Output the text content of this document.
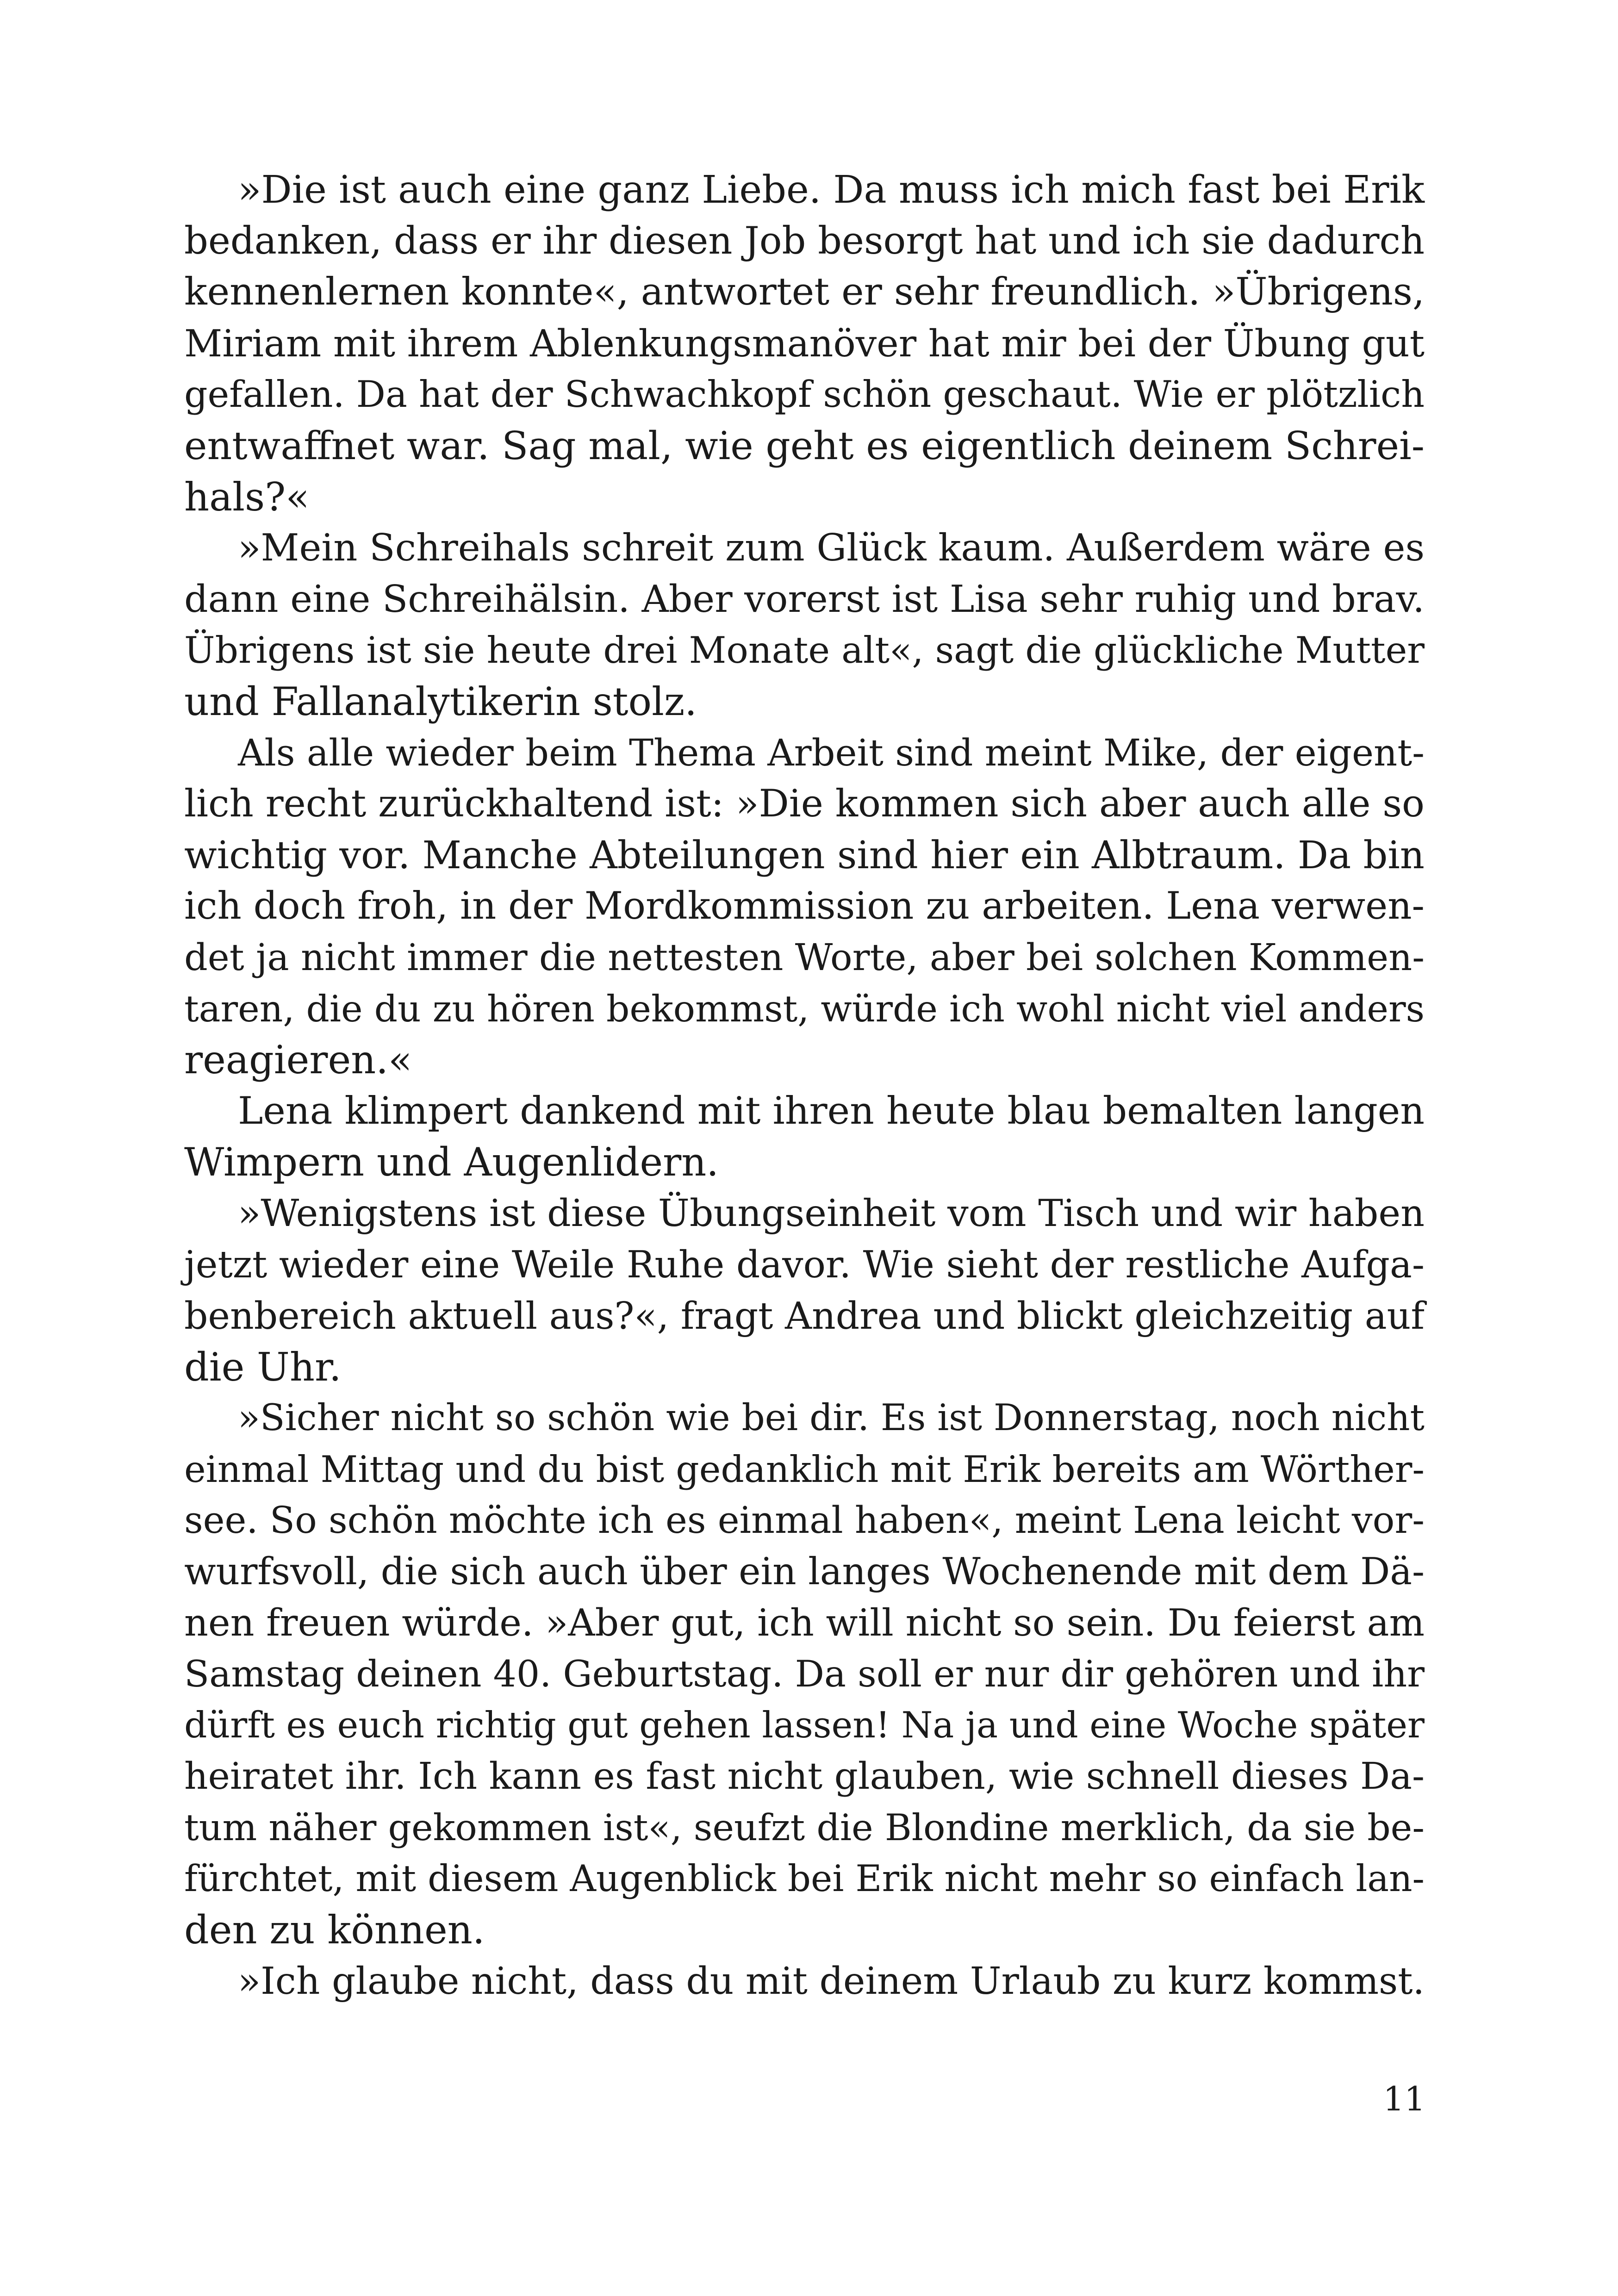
»Die ist auch eine ganz Liebe. Da muss ich mich fast bei Erik
bedanken, dass er ihr diesen Job besorgt hat und ich sie dadurch
kennenlernen konnte«, antwortet er sehr freundlich. »Übrigens,
Miriam mit ihrem Ablenkungsmanöver hat mir bei der Übung gut
gefallen. Da hat der Schwachkopf schön geschaut. Wie er plötzlich
entwaffnet war. Sag mal, wie geht es eigentlich deinem Schrei-
hals?«
»Mein Schreihals schreit zum Glück kaum. Außerdem wäre es
dann eine Schreihälsin. Aber vorerst ist Lisa sehr ruhig und brav.
Übrigens ist sie heute drei Monate alt«, sagt die glückliche Mutter
und Fallanalytikerin stolz.
Als alle wieder beim Thema Arbeit sind meint Mike, der eigent-
lich recht zurückhaltend ist: »Die kommen sich aber auch alle so
wichtig vor. Manche Abteilungen sind hier ein Albtraum. Da bin
ich doch froh, in der Mordkommission zu arbeiten. Lena verwen-
det ja nicht immer die nettesten Worte, aber bei solchen Kommen-
taren, die du zu hören bekommst, würde ich wohl nicht viel anders
reagieren.«
Lena klimpert dankend mit ihren heute blau bemalten langen
Wimpern und Augenlidern.
»Wenigstens ist diese Übungseinheit vom Tisch und wir haben
jetzt wieder eine Weile Ruhe davor. Wie sieht der restliche Aufga-
benbereich aktuell aus?«, fragt Andrea und blickt gleichzeitig auf
die Uhr.
»Sicher nicht so schön wie bei dir. Es ist Donnerstag, noch nicht
einmal Mittag und du bist gedanklich mit Erik bereits am Wörther-
see. So schön möchte ich es einmal haben«, meint Lena leicht vor-
wurfsvoll, die sich auch über ein langes Wochenende mit dem Dä-
nen freuen würde. »Aber gut, ich will nicht so sein. Du feierst am
Samstag deinen 40. Geburtstag. Da soll er nur dir gehören und ihr
dürft es euch richtig gut gehen lassen! Na ja und eine Woche später
heiratet ihr. Ich kann es fast nicht glauben, wie schnell dieses Da-
tum näher gekommen ist«, seufzt die Blondine merklich, da sie be-
fürchtet, mit diesem Augenblick bei Erik nicht mehr so einfach lan-
den zu können.
»Ich glaube nicht, dass du mit deinem Urlaub zu kurz kommst.
11
